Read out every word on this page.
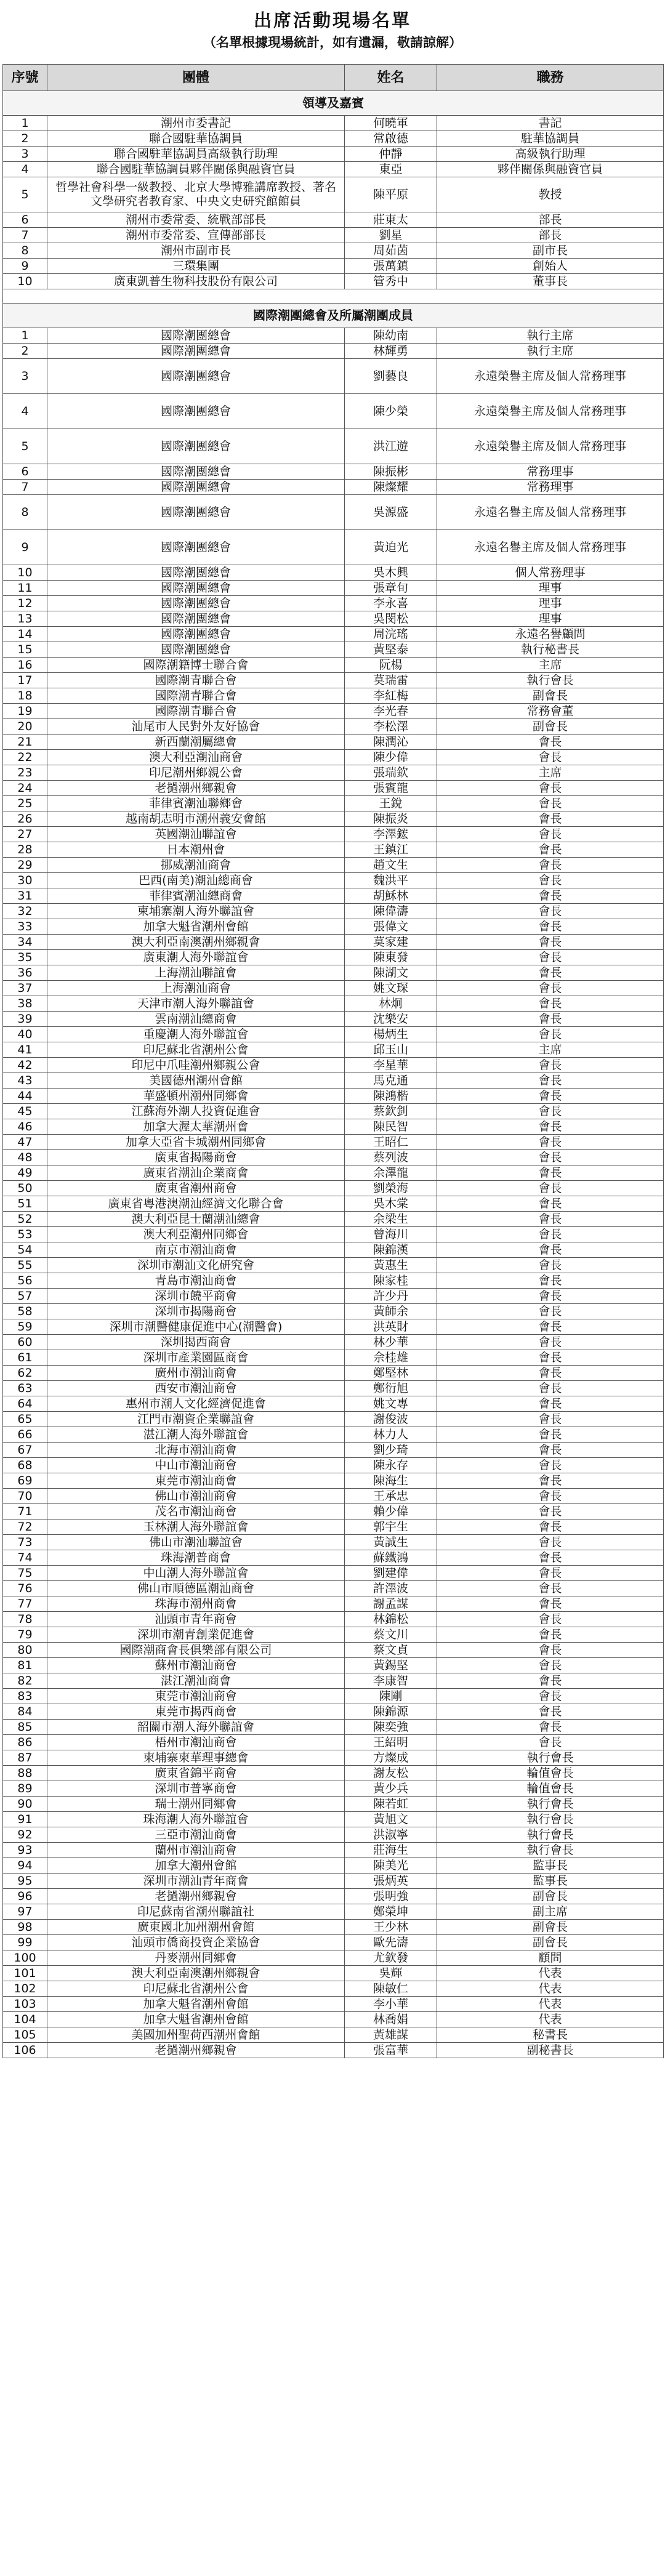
出席活動現場名單
（名單根據現場統計，如有遺漏，敬請諒解）
序號	團體	姓名	職務
領導及嘉賓			
1	潮州市委書記	何曉軍	書記
2	聯合國駐華協調員	常啟德	駐華協調員
3	聯合國駐華協調員高級執行助理	仲靜	高級執行助理
4	聯合國駐華協調員夥伴關係與融資官員	東亞	夥伴關係與融資官員
5	哲學社會科學一級教授、北京大學博雅講席教授、著名文學研究者教育家、中央文史研究館館員	陳平原	教授
6	潮州市委常委、統戰部部長	莊東太	部長
7	潮州市委常委、宣傳部部長	劉星	部長
8	潮州市副市長	周茹茵	副市長
9	三環集團	張萬鎮	創始人
10	廣東凱普生物科技股份有限公司	管秀中	董事長

國際潮團總會及所屬潮團成員			
1	國際潮團總會	陳幼南	執行主席
2	國際潮團總會	林輝勇	執行主席
3	國際潮團總會	劉藝良	永遠榮譽主席及個人常務理事
4	國際潮團總會	陳少榮	永遠榮譽主席及個人常務理事
5	國際潮團總會	洪江遊	永遠榮譽主席及個人常務理事
6	國際潮團總會	陳振彬	常務理事
7	國際潮團總會	陳燦耀	常務理事
8	國際潮團總會	吳源盛	永遠名譽主席及個人常務理事
9	國際潮團總會	黃迫光	永遠名譽主席及個人常務理事
10	國際潮團總會	吳木興	個人常務理事
11	國際潮團總會	張章旬	理事
12	國際潮團總會	李永喜	理事
13	國際潮團總會	吳閔松	理事
14	國際潮團總會	周浣瑤	永遠名譽顧問
15	國際潮團總會	黃堅泰	執行秘書長
16	國際潮籍博士聯合會	阮楊	主席
17	國際潮青聯合會	莫瑞雷	執行會長
18	國際潮青聯合會	李紅梅	副會長
19	國際潮青聯合會	李光春	常務會董
20	汕尾市人民對外友好協會	李松澤	副會長
21	新西蘭潮屬總會	陳潤沁	會長
22	澳大利亞潮汕商會	陳少偉	會長
23	印尼潮州鄉親公會	張瑞欽	主席
24	老撾潮州鄉親會	張賓龍	會長
25	菲律賓潮汕聯鄉會	王銳	會長
26	越南胡志明市潮州義安會館	陳振炎	會長
27	英國潮汕聯誼會	李澤鋐	會長
28	日本潮州會	王鎮江	會長
29	挪威潮汕商會	趙文生	會長
30	巴西(南美)潮汕總商會	魏洪平	會長
31	菲律賓潮汕總商會	胡穌林	會長
32	柬埔寨潮人海外聯誼會	陳偉濤	會長
33	加拿大魁省潮州會館	張偉文	會長
34	澳大利亞南澳潮州鄉親會	莫家建	會長
35	廣東潮人海外聯誼會	陳東發	會長
36	上海潮汕聯誼會	陳湖文	會長
37	上海潮汕商會	姚文琛	會長
38	天津市潮人海外聯誼會	林炯	會長
39	雲南潮汕總商會	沈樂安	會長
40	重慶潮人海外聯誼會	楊炳生	會長
41	印尼蘇北省潮州公會	邱玉山	主席
42	印尼中爪哇潮州鄉親公會	李星華	會長
43	美國德州潮州會館	馬克通	會長
44	華盛頓州潮州同鄉會	陳鴻楷	會長
45	江蘇海外潮人投資促進會	蔡欽釗	會長
46	加拿大渥太華潮州會	陳民智	會長
47	加拿大亞省卡城潮州同鄉會	王昭仁	會長
48	廣東省揭陽商會	蔡列波	會長
49	廣東省潮汕企業商會	余澤龍	會長
50	廣東省潮州商會	劉榮海	會長
51	廣東省粵港澳潮汕經濟文化聯合會	吳木棠	會長
52	澳大利亞昆士蘭潮汕總會	余梁生	會長
53	澳大利亞潮州同鄉會	曾海川	會長
54	南京市潮汕商會	陳錦漢	會長
55	深圳市潮汕文化研究會	黃惠生	會長
56	青島市潮汕商會	陳家桂	會長
57	深圳市饒平商會	許少丹	會長
58	深圳市揭陽商會	黃師余	會長
59	深圳市潮醫健康促進中心(潮醫會)	洪英財	會長
60	深圳揭西商會	林少華	會長
61	深圳市產業園區商會	佘桂雄	會長
62	廣州市潮汕商會	鄭堅林	會長
63	西安市潮汕商會	鄭衍旭	會長
64	惠州市潮人文化經濟促進會	姚文專	會長
65	江門市潮資企業聯誼會	謝俊波	會長
66	湛江潮人海外聯誼會	林力人	會長
67	北海市潮汕商會	劉少琦	會長
68	中山市潮汕商會	陳永存	會長
69	東莞市潮汕商會	陳海生	會長
70	佛山市潮汕商會	王承忠	會長
71	茂名市潮汕商會	賴少偉	會長
72	玉林潮人海外聯誼會	郭宇生	會長
73	佛山市潮汕聯誼會	黃誠生	會長
74	珠海潮普商會	蘇鐵鴻	會長
75	中山潮人海外聯誼會	劉建偉	會長
76	佛山市順德區潮汕商會	許澤波	會長
77	珠海市潮州商會	謝孟謀	會長
78	汕頭市青年商會	林錦松	會長
79	深圳市潮青創業促進會	蔡文川	會長
80	國際潮商會長俱樂部有限公司	蔡文貞	會長
81	蘇州市潮汕商會	黃錫堅	會長
82	湛江潮汕商會	李康智	會長
83	東莞市潮汕商會	陳剛	會長
84	東莞市揭西商會	陳錦源	會長
85	韶關市潮人海外聯誼會	陳奕強	會長
86	梧州市潮汕商會	王紹明	會長
87	柬埔寨柬華理事總會	方燦成	執行會長
88	廣東省錦平商會	謝友松	輪值會長
89	深圳市普寧商會	黃少兵	輪值會長
90	瑞士潮州同鄉會	陳若虹	執行會長
91	珠海潮人海外聯誼會	黃旭文	執行會長
92	三亞市潮汕商會	洪淑寧	執行會長
93	蘭州市潮汕商會	莊海生	執行會長
94	加拿大潮州會館	陳美光	監事長
95	深圳市潮汕青年商會	張炳英	監事長
96	老撾潮州鄉親會	張明強	副會長
97	印尼蘇南省潮州聯誼社	鄭榮坤	副主席
98	廣東國北加州潮州會館	王少林	副會長
99	汕頭市僑商投資企業協會	歐先濤	副會長
100	丹麥潮州同鄉會	尤欽發	顧問
101	澳大利亞南澳潮州鄉親會	吳輝	代表
102	印尼蘇北省潮州公會	陳敏仁	代表
103	加拿大魁省潮州會館	李小華	代表
104	加拿大魁省潮州會館	林喬娟	代表
105	美國加州聖荷西潮州會館	黃雄謀	秘書長
106	老撾潮州鄉親會	張富華	副秘書長
